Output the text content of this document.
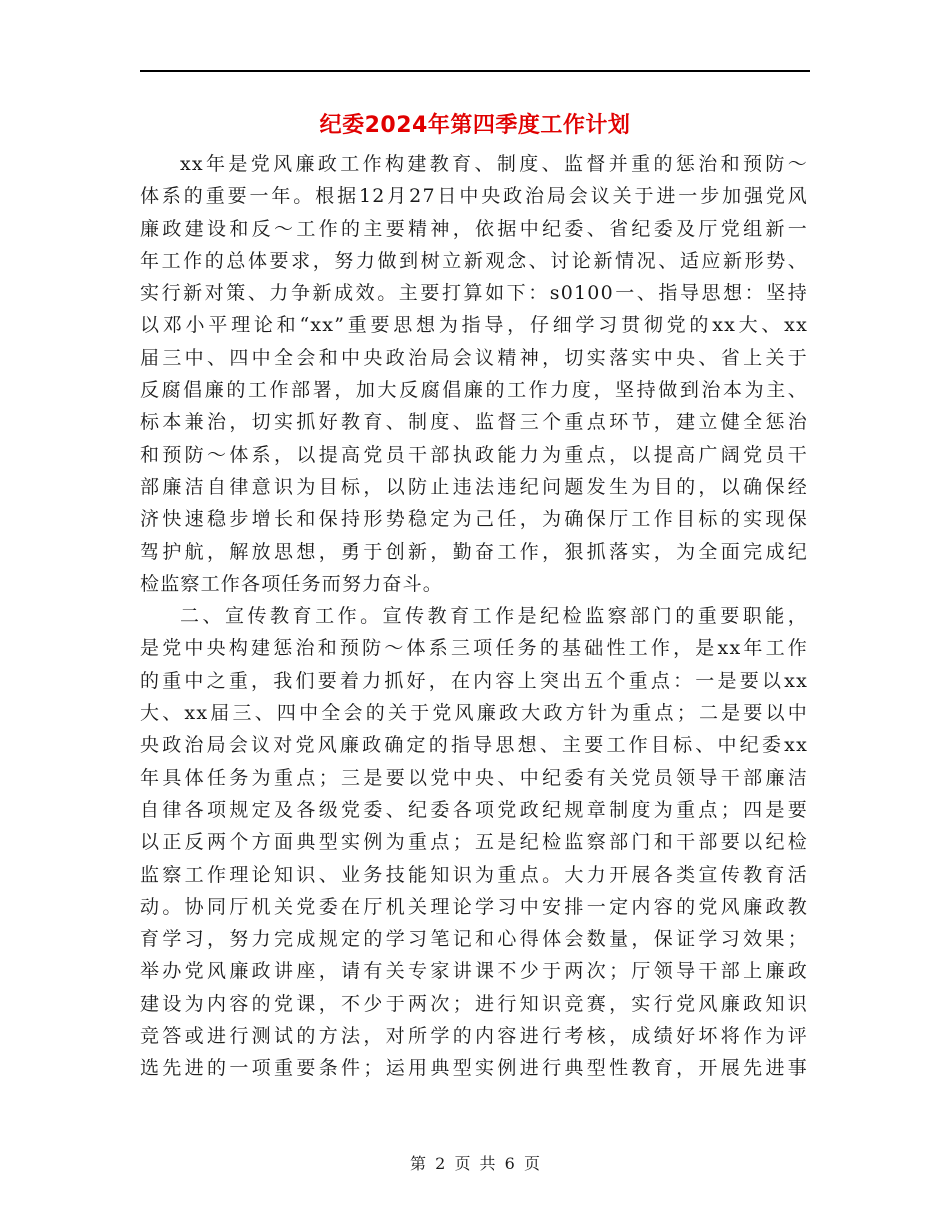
纪委2024年第四季度工作计划
xx年是党风廉政工作构建教育、制度、监督并重的惩治和预防～
体系的重要一年。根据12月27日中央政治局会议关于进一步加强党风
廉政建设和反～工作的主要精神，依据中纪委、省纪委及厅党组新一
年工作的总体要求，努力做到树立新观念、讨论新情况、适应新形势、
实行新对策、力争新成效。主要打算如下：s0100一、指导思想：坚持
以邓小平理论和“xx”重要思想为指导，仔细学习贯彻党的xx大、xx
届三中、四中全会和中央政治局会议精神，切实落实中央、省上关于
反腐倡廉的工作部署，加大反腐倡廉的工作力度，坚持做到治本为主、
标本兼治，切实抓好教育、制度、监督三个重点环节，建立健全惩治
和预防～体系，以提高党员干部执政能力为重点，以提高广阔党员干
部廉洁自律意识为目标，以防止违法违纪问题发生为目的，以确保经
济快速稳步增长和保持形势稳定为己任，为确保厅工作目标的实现保
驾护航，解放思想，勇于创新，勤奋工作，狠抓落实，为全面完成纪
检监察工作各项任务而努力奋斗。
二、宣传教育工作。宣传教育工作是纪检监察部门的重要职能，
是党中央构建惩治和预防～体系三项任务的基础性工作，是xx年工作
的重中之重，我们要着力抓好，在内容上突出五个重点：一是要以xx
大、xx届三、四中全会的关于党风廉政大政方针为重点；二是要以中
央政治局会议对党风廉政确定的指导思想、主要工作目标、中纪委xx
年具体任务为重点；三是要以党中央、中纪委有关党员领导干部廉洁
自律各项规定及各级党委、纪委各项党政纪规章制度为重点；四是要
以正反两个方面典型实例为重点；五是纪检监察部门和干部要以纪检
监察工作理论知识、业务技能知识为重点。大力开展各类宣传教育活
动。协同厅机关党委在厅机关理论学习中安排一定内容的党风廉政教
育学习，努力完成规定的学习笔记和心得体会数量，保证学习效果；
举办党风廉政讲座，请有关专家讲课不少于两次；厅领导干部上廉政
建设为内容的党课，不少于两次；进行知识竞赛，实行党风廉政知识
竞答或进行测试的方法，对所学的内容进行考核，成绩好坏将作为评
选先进的一项重要条件；运用典型实例进行典型性教育，开展先进事
第 2 页 共 6 页
